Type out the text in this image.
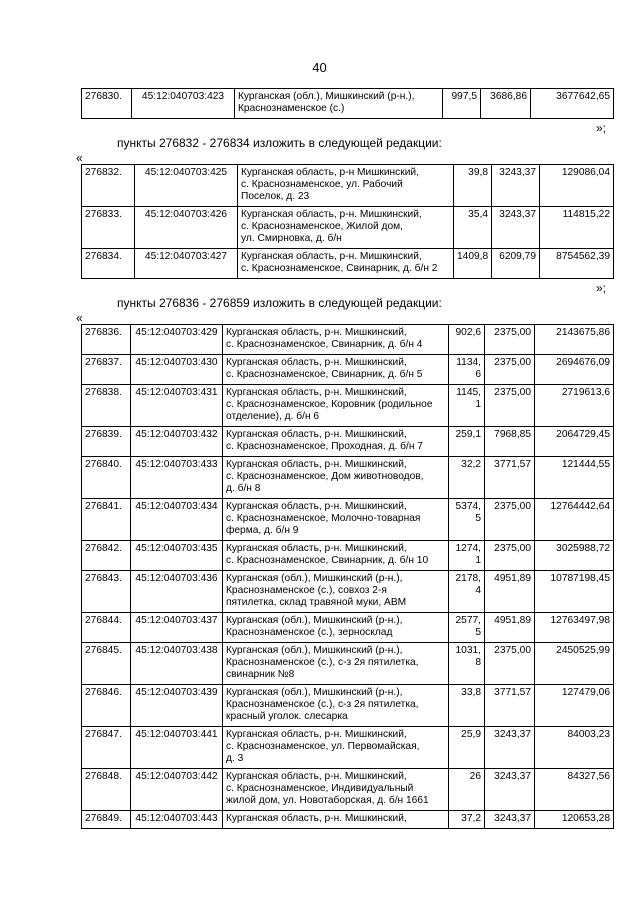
40
276830.	45:12:040703:423	Курганская (обл.), Мишкинский (р-н.),
Краснознаменское (с.)	997,5	3686,86	3677642,65
»;
пункты 276832 - 276834 изложить в следующей редакции:
«
276832.	45:12:040703:425	Курганская область, р-н Мишкинский,
с. Краснознаменское, ул. Рабочий
Поселок, д. 23	39,8	3243,37	129086,04
276833.	45:12:040703:426	Курганская область, р-н. Мишкинский,
с. Краснознаменское, Жилой дом,
ул. Смирновка, д. б/н	35,4	3243,37	114815,22
276834.	45:12:040703:427	Курганская область, р-н. Мишкинский,
с. Краснознаменское, Свинарник, д. б/н 2	1409,8	6209,79	8754562,39
»;
пункты 276836 - 276859 изложить в следующей редакции:
«
276836.	45:12:040703:429	Курганская область, р-н. Мишкинский,
с. Краснознаменское, Свинарник, д. б/н 4	902,6	2375,00	2143675,86
276837.	45:12:040703:430	Курганская область, р-н. Мишкинский,
с. Краснознаменское, Свинарник, д. б/н 5	1134,
6	2375,00	2694676,09
276838.	45:12:040703:431	Курганская область, р-н. Мишкинский,
с. Краснознаменское, Коровник (родильное
отделение), д. б/н 6	1145,
1	2375,00	2719613,6
276839.	45:12:040703:432	Курганская область, р-н. Мишкинский,
с. Краснознаменское, Проходная, д. б/н 7	259,1	7968,85	2064729,45
276840.	45:12:040703:433	Курганская область, р-н. Мишкинский,
с. Краснознаменское, Дом животноводов,
д. б/н 8	32,2	3771,57	121444,55
276841.	45:12:040703:434	Курганская область, р-н. Мишкинский,
с. Краснознаменское, Молочно-товарная
ферма, д. б/н 9	5374,
5	2375,00	12764442,64
276842.	45:12:040703:435	Курганская область, р-н. Мишкинский,
с. Краснознаменское, Свинарник, д. б/н 10	1274,
1	2375,00	3025988,72
276843.	45:12:040703:436	Курганская (обл.), Мишкинский (р-н.),
Краснознаменское (с.), совхоз 2-я
пятилетка, склад травяной муки, АВМ	2178,
4	4951,89	10787198,45
276844.	45:12:040703:437	Курганская (обл.), Мишкинский (р-н.),
Краснознаменское (с.), зерносклад	2577,
5	4951,89	12763497,98
276845.	45:12:040703:438	Курганская (обл.), Мишкинский (р-н.),
Краснознаменское (с.), с-з 2я пятилетка,
свинарник №8	1031,
8	2375,00	2450525,99
276846.	45:12:040703:439	Курганская (обл.), Мишкинский (р-н.),
Краснознаменское (с.), с-з 2я пятилетка,
красный уголок. слесарка	33,8	3771,57	127479,06
276847.	45:12:040703:441	Курганская область, р-н. Мишкинский,
с. Краснознаменское, ул. Первомайская,
д. 3	25,9	3243,37	84003,23
276848.	45:12:040703:442	Курганская область, р-н. Мишкинский,
с. Краснознаменское, Индивидуальный
жилой дом, ул. Новотаборская, д. б/н 1661	26	3243,37	84327,56
276849.	45:12:040703:443	Курганская область, р-н. Мишкинский,	37,2	3243,37	120653,28
